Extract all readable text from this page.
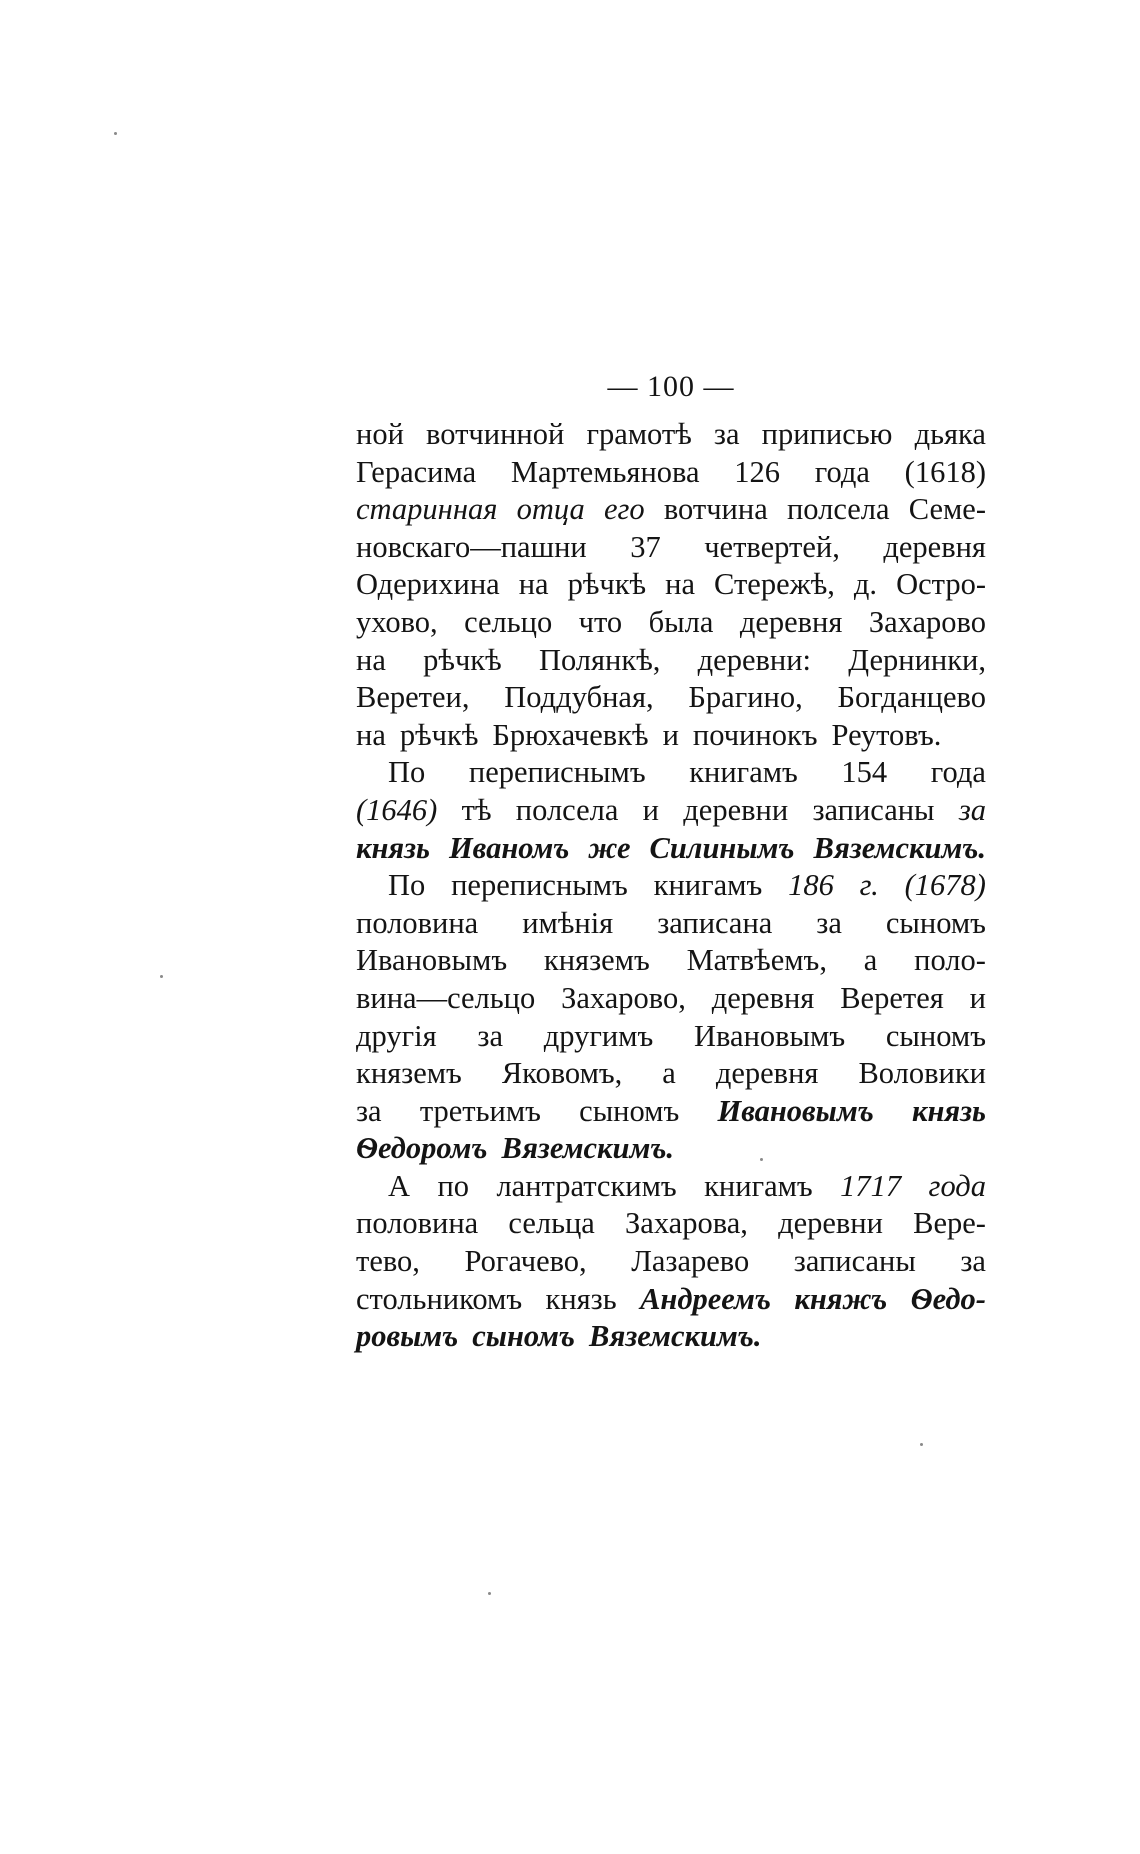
— 100 —
ной вотчинной грамотѣ за приписью дьяка
Герасима Мартемьянова 126 года (1618)
старинная отца его вотчина полсела Семе-
новскаго—пашни 37 четвертей, деревня
Одерихина на рѣчкѣ на Стережѣ, д. Остро-
ухово, сельцо что была деревня Захарово
на рѣчкѣ Полянкѣ, деревни: Дернинки,
Веретеи, Поддубная, Брагино, Богданцево
на рѣчкѣ Брюхачевкѣ и починокъ Реутовъ.
По переписнымъ книгамъ 154 года
(1646) тѣ полсела и деревни записаны за
князь Иваномъ же Силинымъ Вяземскимъ.
По переписнымъ книгамъ 186 г. (1678)
половина имѣнія записана за сыномъ
Ивановымъ княземъ Матвѣемъ, а поло-
вина—сельцо Захарово, деревня Веретея и
другія за другимъ Ивановымъ сыномъ
княземъ Яковомъ, а деревня Воловики
за третьимъ сыномъ Ивановымъ князь
Ѳедоромъ Вяземскимъ.
А по лантратскимъ книгамъ 1717 года
половина сельца Захарова, деревни Вере-
тево, Рогачево, Лазарево записаны за
стольникомъ князь Андреемъ княжъ Ѳедо-
ровымъ сыномъ Вяземскимъ.
